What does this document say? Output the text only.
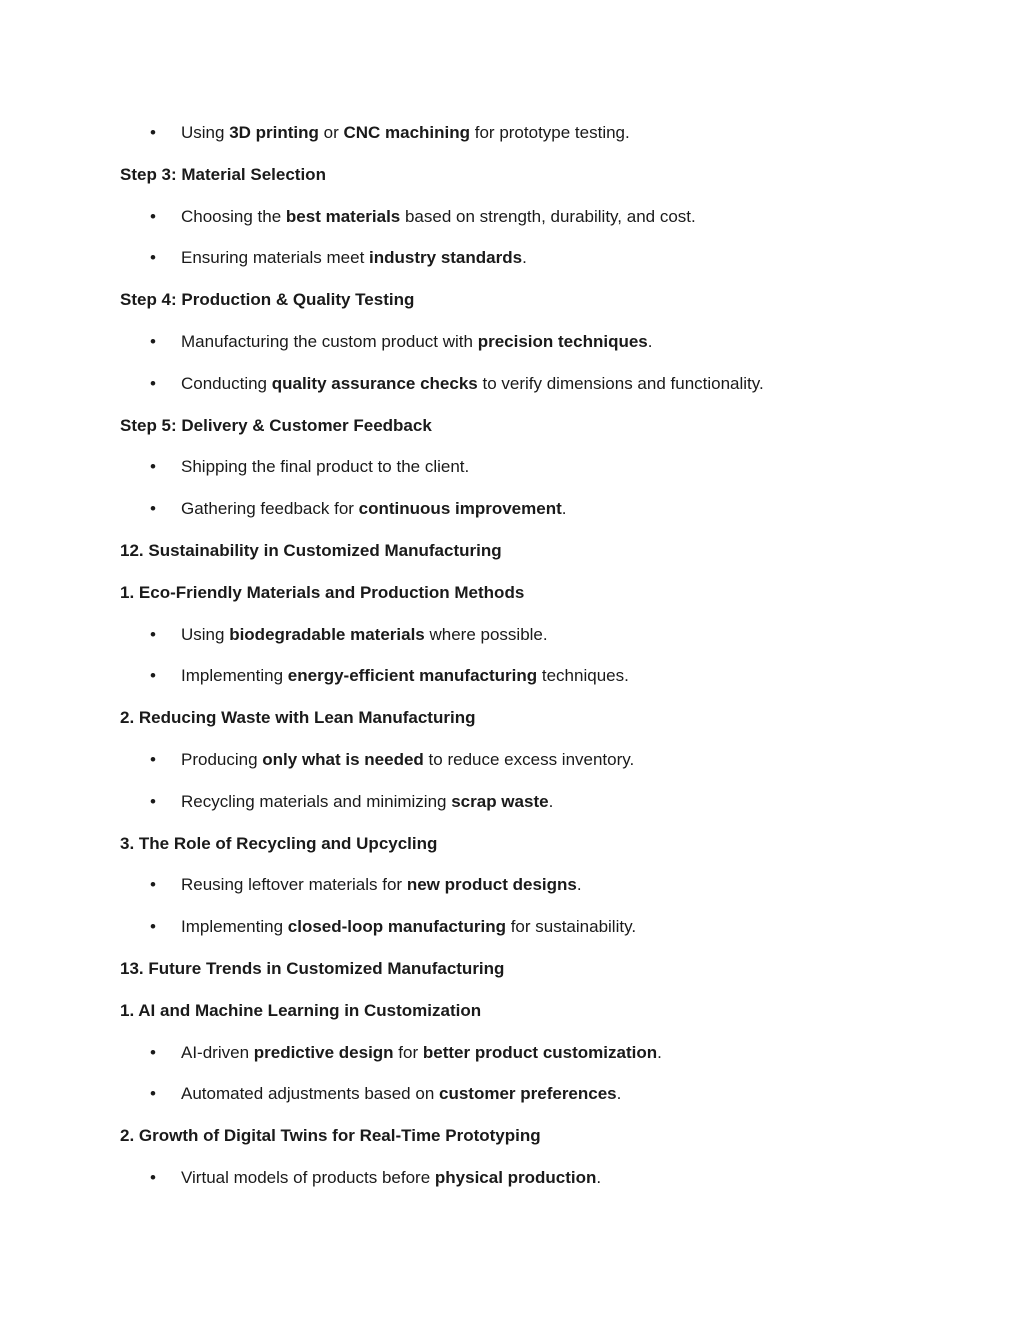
•Using 3D printing or CNC machining for prototype testing.
Step 3: Material Selection
•Choosing the best materials based on strength, durability, and cost.
•Ensuring materials meet industry standards.
Step 4: Production & Quality Testing
•Manufacturing the custom product with precision techniques.
•Conducting quality assurance checks to verify dimensions and functionality.
Step 5: Delivery & Customer Feedback
•Shipping the final product to the client.
•Gathering feedback for continuous improvement.
12. Sustainability in Customized Manufacturing
1. Eco-Friendly Materials and Production Methods
•Using biodegradable materials where possible.
•Implementing energy-efficient manufacturing techniques.
2. Reducing Waste with Lean Manufacturing
•Producing only what is needed to reduce excess inventory.
•Recycling materials and minimizing scrap waste.
3. The Role of Recycling and Upcycling
•Reusing leftover materials for new product designs.
•Implementing closed-loop manufacturing for sustainability.
13. Future Trends in Customized Manufacturing
1. AI and Machine Learning in Customization
•AI-driven predictive design for better product customization.
•Automated adjustments based on customer preferences.
2. Growth of Digital Twins for Real-Time Prototyping
•Virtual models of products before physical production.
